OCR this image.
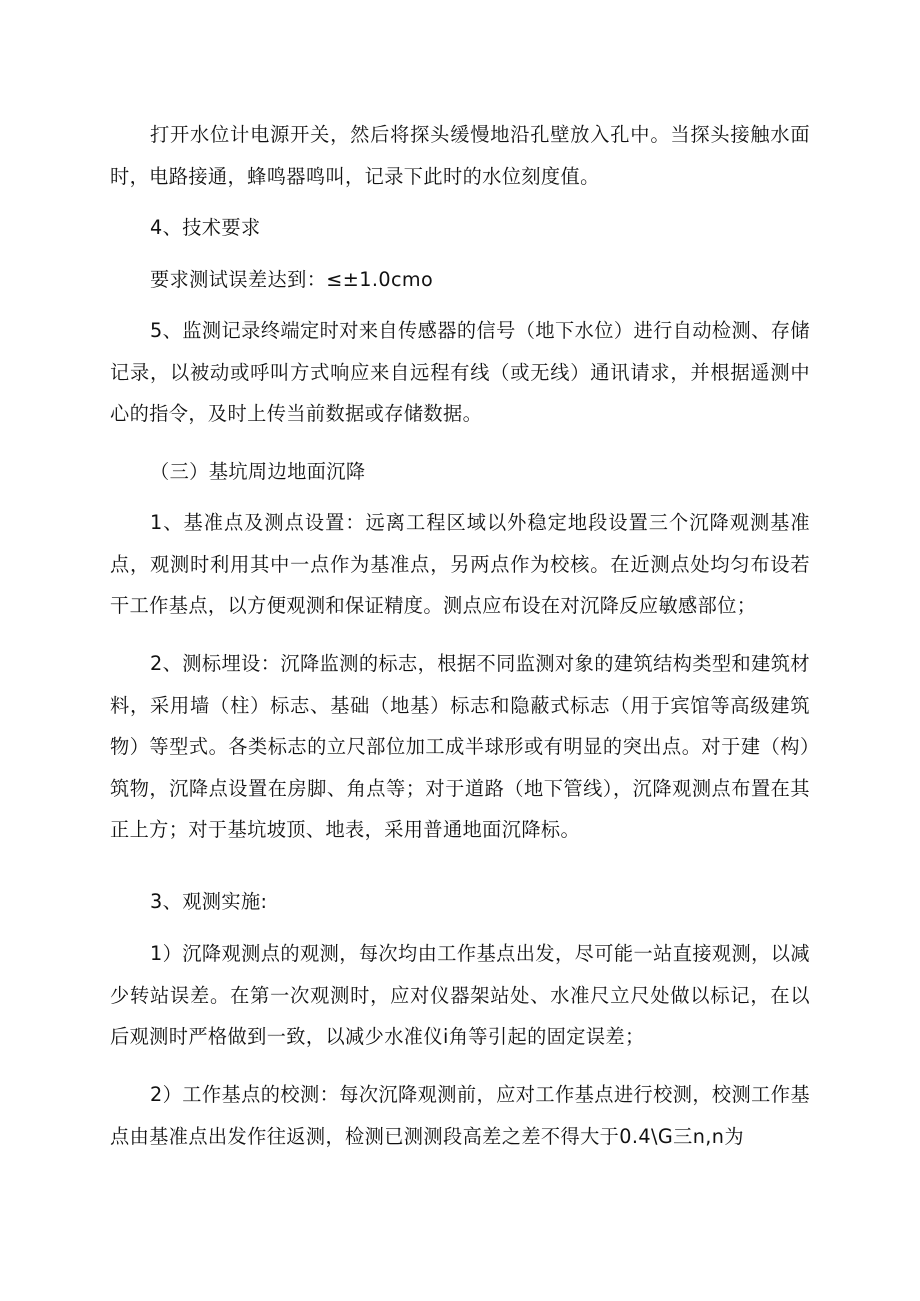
打开水位计电源开关，然后将探头缓慢地沿孔壁放入孔中。当探头接触水面时，电路接通，蜂鸣器鸣叫，记录下此时的水位刻度值。

4、技术要求

要求测试误差达到：≤±1.0cmo

5、监测记录终端定时对来自传感器的信号（地下水位）进行自动检测、存储记录，以被动或呼叫方式响应来自远程有线（或无线）通讯请求，并根据遥测中心的指令，及时上传当前数据或存储数据。

（三）基坑周边地面沉降

1、基准点及测点设置：远离工程区域以外稳定地段设置三个沉降观测基准点，观测时利用其中一点作为基准点，另两点作为校核。在近测点处均匀布设若干工作基点，以方便观测和保证精度。测点应布设在对沉降反应敏感部位；

2、测标埋设：沉降监测的标志，根据不同监测对象的建筑结构类型和建筑材料，采用墙（柱）标志、基础（地基）标志和隐蔽式标志（用于宾馆等高级建筑物）等型式。各类标志的立尺部位加工成半球形或有明显的突出点。对于建（构）筑物，沉降点设置在房脚、角点等；对于道路（地下管线），沉降观测点布置在其正上方；对于基坑坡顶、地表，采用普通地面沉降标。

3、观测实施:

1）沉降观测点的观测，每次均由工作基点出发，尽可能一站直接观测，以减少转站误差。在第一次观测时，应对仪器架站处、水准尺立尺处做以标记，在以后观测时严格做到一致，以减少水准仪i角等引起的固定误差；

2）工作基点的校测：每次沉降观测前，应对工作基点进行校测，校测工作基点由基准点出发作往返测，检测已测测段高差之差不得大于0.4\G三n,n为
